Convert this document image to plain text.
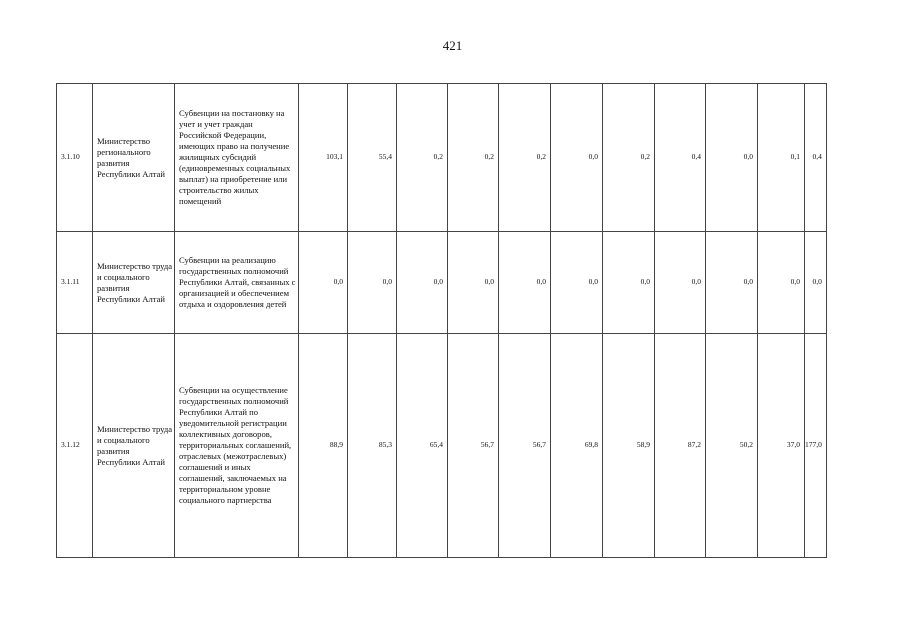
421
3.1.10	Министерство регионального развития Республики Алтай	Субвенции на постановку на учет и учет граждан Российской Федерации, имеющих право на получение жилищных субсидий (единовременных социальных выплат) на приобретение или строительство жилых помещений	103,1	55,4	0,2	0,2	0,2	0,0	0,2	0,4	0,0	0,1	0,4
3.1.11	Министерство труда и социального развития Республики Алтай	Субвенции на реализацию государственных полномочий Республики Алтай, связанных с организацией и обеспечением отдыха и оздоровления детей	0,0	0,0	0,0	0,0	0,0	0,0	0,0	0,0	0,0	0,0	0,0
3.1.12	Министерство труда и социального развития Республики Алтай	Субвенции на осуществление государственных полномочий Республики Алтай по уведомительной регистрации коллективных договоров, территориальных соглашений, отраслевых (межотраслевых) соглашений и иных соглашений, заключаемых на территориальном уровне социального партнерства	88,9	85,3	65,4	56,7	56,7	69,8	58,9	87,2	50,2	37,0	177,0
